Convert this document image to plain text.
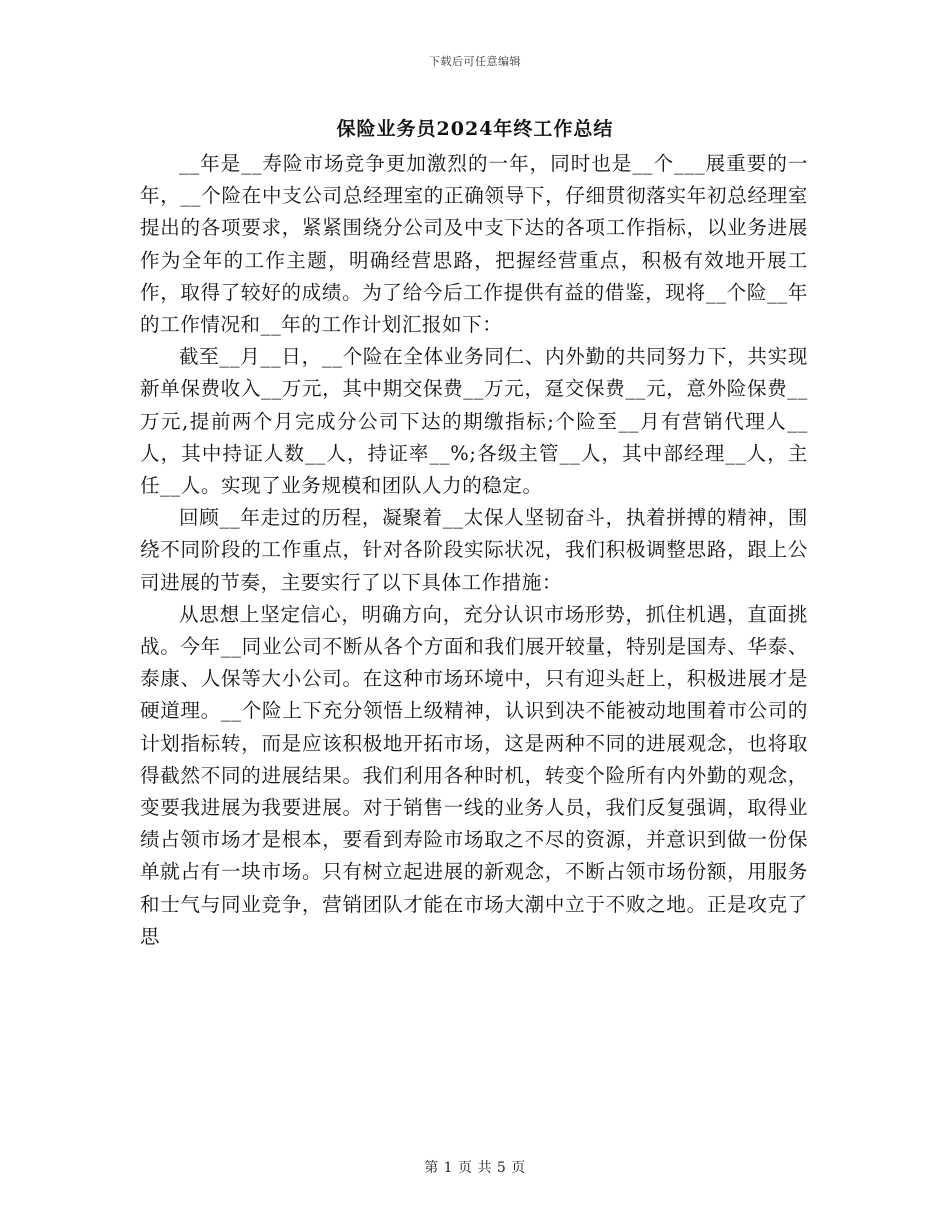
下载后可任意编辑
保险业务员2024年终工作总结

__年是__寿险市场竞争更加激烈的一年，同时也是__个___展重要的一年，__个险在中支公司总经理室的正确领导下，仔细贯彻落实年初总经理室提出的各项要求，紧紧围绕分公司及中支下达的各项工作指标，以业务进展作为全年的工作主题，明确经营思路，把握经营重点，积极有效地开展工作，取得了较好的成绩。为了给今后工作提供有益的借鉴，现将__个险__年的工作情况和__年的工作计划汇报如下：

截至__月__日，__个险在全体业务同仁、内外勤的共同努力下，共实现新单保费收入__万元，其中期交保费__万元，趸交保费__元，意外险保费__万元,提前两个月完成分公司下达的期缴指标;个险至__月有营销代理人__人，其中持证人数__人，持证率__%;各级主管__人，其中部经理__人，主任__人。实现了业务规模和团队人力的稳定。

回顾__年走过的历程，凝聚着__太保人坚韧奋斗，执着拼搏的精神，围绕不同阶段的工作重点，针对各阶段实际状况，我们积极调整思路，跟上公司进展的节奏，主要实行了以下具体工作措施：

从思想上坚定信心，明确方向，充分认识市场形势，抓住机遇，直面挑战。今年__同业公司不断从各个方面和我们展开较量，特别是国寿、华泰、泰康、人保等大小公司。在这种市场环境中，只有迎头赶上，积极进展才是硬道理。__个险上下充分领悟上级精神，认识到决不能被动地围着市公司的计划指标转，而是应该积极地开拓市场，这是两种不同的进展观念，也将取得截然不同的进展结果。我们利用各种时机，转变个险所有内外勤的观念，变要我进展为我要进展。对于销售一线的业务人员，我们反复强调，取得业绩占领市场才是根本，要看到寿险市场取之不尽的资源，并意识到做一份保单就占有一块市场。只有树立起进展的新观念，不断占领市场份额，用服务和士气与同业竞争，营销团队才能在市场大潮中立于不败之地。正是攻克了思

第 1 页 共 5 页
